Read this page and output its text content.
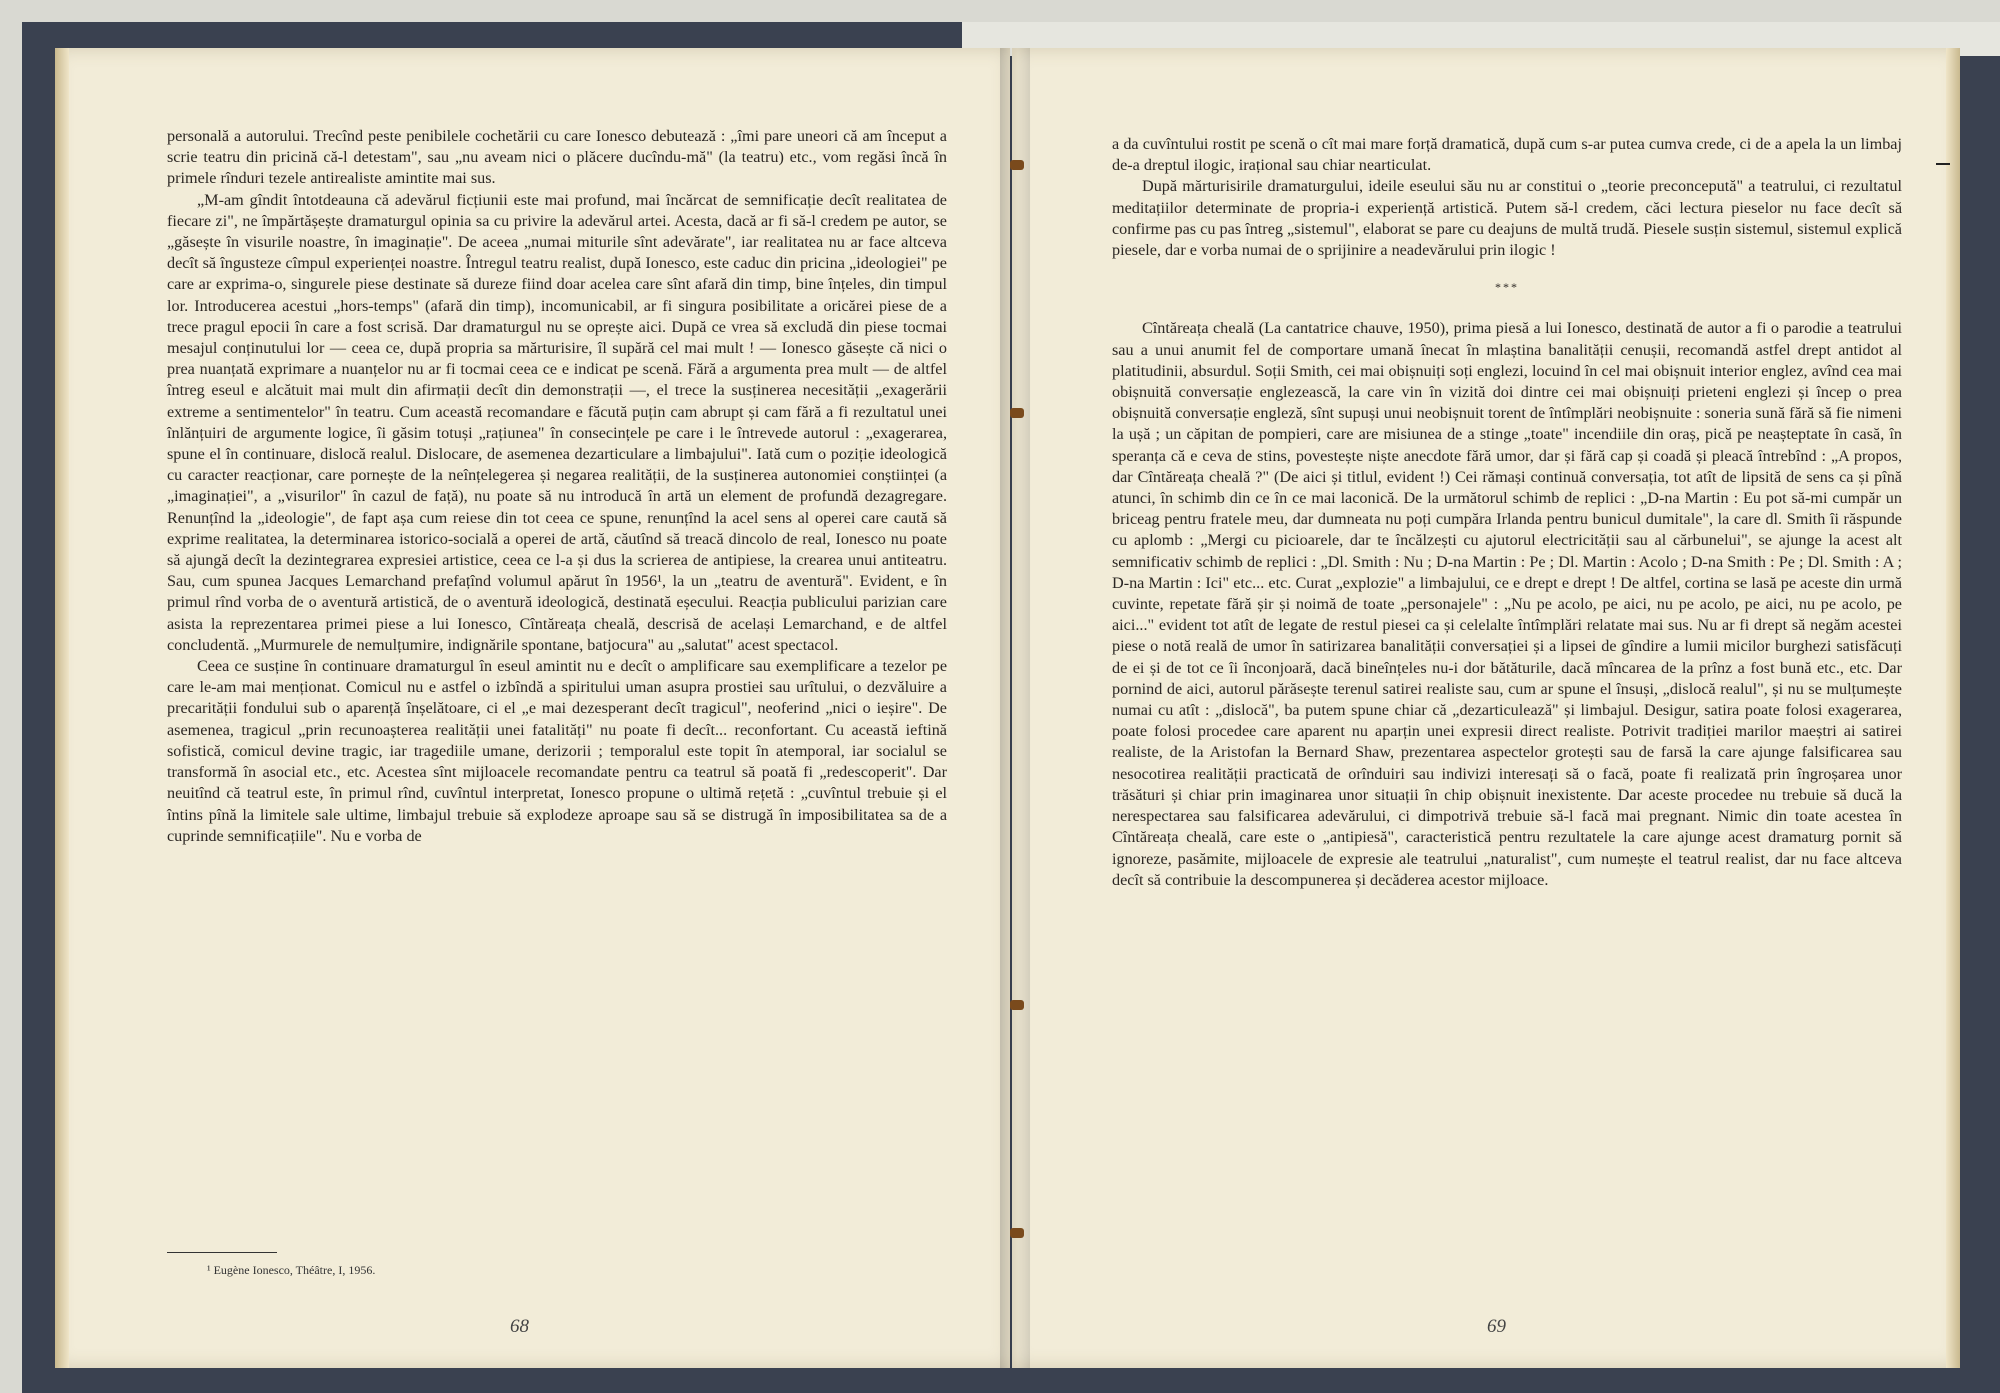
personală a autorului. Trecînd peste penibilele cochetării cu care Ionesco debutează : „îmi pare uneori că am început a scrie teatru din pricină că-l detestam", sau „nu aveam nici o plăcere ducîndu-mă" (la teatru) etc., vom regăsi încă în primele rînduri tezele antirealiste amintite mai sus.

„M-am gîndit întotdeauna că adevărul ficțiunii este mai profund, mai încărcat de semnificație decît realitatea de fiecare zi", ne împărtășește dramaturgul opinia sa cu privire la adevărul artei. Acesta, dacă ar fi să-l credem pe autor, se „găsește în visurile noastre, în imaginație". De aceea „numai miturile sînt adevărate", iar realitatea nu ar face altceva decît să îngusteze cîmpul experienței noastre. Întregul teatru realist, după Ionesco, este caduc din pricina „ideologiei" pe care ar exprima-o, singurele piese destinate să dureze fiind doar acelea care sînt afară din timp, bine înțeles, din timpul lor. Introducerea acestui „hors-temps" (afară din timp), incomunicabil, ar fi singura posibilitate a oricărei piese de a trece pragul epocii în care a fost scrisă. Dar dramaturgul nu se oprește aici. După ce vrea să excludă din piese tocmai mesajul conținutului lor — ceea ce, după propria sa mărturisire, îl supără cel mai mult ! — Ionesco găsește că nici o prea nuanțată exprimare a nuanțelor nu ar fi tocmai ceea ce e indicat pe scenă. Fără a argumenta prea mult — de altfel întreg eseul e alcătuit mai mult din afirmații decît din demonstrații —, el trece la susținerea necesității „exagerării extreme a sentimentelor" în teatru. Cum această recomandare e făcută puțin cam abrupt și cam fără a fi rezultatul unei înlănțuiri de argumente logice, îi găsim totuși „rațiunea" în consecințele pe care i le întrevede autorul : „exagerarea, spune el în continuare, dislocă realul. Dislocare, de asemenea dezarticulare a limbajului". Iată cum o poziție ideologică cu caracter reacționar, care pornește de la neînțelegerea și negarea realității, de la susținerea autonomiei conștiinței (a „imaginației", a „visurilor" în cazul de față), nu poate să nu introducă în artă un element de profundă dezagregare. Renunțînd la „ideologie", de fapt așa cum reiese din tot ceea ce spune, renunțînd la acel sens al operei care caută să exprime realitatea, la determinarea istorico-socială a operei de artă, căutînd să treacă dincolo de real, Ionesco nu poate să ajungă decît la dezintegrarea expresiei artistice, ceea ce l-a și dus la scrierea de antipiese, la crearea unui antiteatru. Sau, cum spunea Jacques Lemarchand prefațînd volumul apărut în 1956¹, la un „teatru de aventură". Evident, e în primul rînd vorba de o aventură artistică, de o aventură ideologică, destinată eșecului. Reacția publicului parizian care asista la reprezentarea primei piese a lui Ionesco, Cîntăreața cheală, descrisă de același Lemarchand, e de altfel concludentă. „Murmurele de nemulțumire, indignările spontane, batjocura" au „salutat" acest spectacol.

Ceea ce susține în continuare dramaturgul în eseul amintit nu e decît o amplificare sau exemplificare a tezelor pe care le-am mai menționat. Comicul nu e astfel o izbîndă a spiritului uman asupra prostiei sau urîtului, o dezvăluire a precarității fondului sub o aparență înșelătoare, ci el „e mai dezesperant decît tragicul", neoferind „nici o ieșire". De asemenea, tragicul „prin recunoașterea realității unei fatalități" nu poate fi decît... reconfortant. Cu această ieftină sofistică, comicul devine tragic, iar tragediile umane, derizorii ; temporalul este topit în atemporal, iar socialul se transformă în asocial etc., etc. Acestea sînt mijloacele recomandate pentru ca teatrul să poată fi „redescoperit". Dar neuitînd că teatrul este, în primul rînd, cuvîntul interpretat, Ionesco propune o ultimă rețetă : „cuvîntul trebuie și el întins pînă la limitele sale ultime, limbajul trebuie să explodeze aproape sau să se distrugă în imposibilitatea sa de a cuprinde semnificațiile". Nu e vorba de

¹ Eugène Ionesco, Théâtre, I, 1956.
68

a da cuvîntului rostit pe scenă o cît mai mare forță dramatică, după cum s-ar putea cumva crede, ci de a apela la un limbaj de-a dreptul ilogic, irațional sau chiar nearticulat.

După mărturisirile dramaturgului, ideile eseului său nu ar constitui o „teorie preconcepută" a teatrului, ci rezultatul meditațiilor determinate de propria-i experiență artistică. Putem să-l credem, căci lectura pieselor nu face decît să confirme pas cu pas întreg „sistemul", elaborat se pare cu deajuns de multă trudă. Piesele susțin sistemul, sistemul explică piesele, dar e vorba numai de o sprijinire a neadevărului prin ilogic !

***

Cîntăreața cheală (La cantatrice chauve, 1950), prima piesă a lui Ionesco, destinată de autor a fi o parodie a teatrului sau a unui anumit fel de comportare umană înecat în mlaștina banalității cenușii, recomandă astfel drept antidot al platitudinii, absurdul. Soții Smith, cei mai obișnuiți soți englezi, locuind în cel mai obișnuit interior englez, avînd cea mai obișnuită conversație englezească, la care vin în vizită doi dintre cei mai obișnuiți prieteni englezi și încep o prea obișnuită conversație engleză, sînt supuși unui neobișnuit torent de întîmplări neobișnuite : soneria sună fără să fie nimeni la ușă ; un căpitan de pompieri, care are misiunea de a stinge „toate" incendiile din oraș, pică pe neașteptate în casă, în speranța că e ceva de stins, povestește niște anecdote fără umor, dar și fără cap și coadă și pleacă întrebînd : „A propos, dar Cîntăreața cheală ?" (De aici și titlul, evident !) Cei rămași continuă conversația, tot atît de lipsită de sens ca și pînă atunci, în schimb din ce în ce mai laconică. De la următorul schimb de replici : „D-na Martin : Eu pot să-mi cumpăr un briceag pentru fratele meu, dar dumneata nu poți cumpăra Irlanda pentru bunicul dumitale", la care dl. Smith îi răspunde cu aplomb : „Mergi cu picioarele, dar te încălzești cu ajutorul electricității sau al cărbunelui", se ajunge la acest alt semnificativ schimb de replici : „Dl. Smith : Nu ; D-na Martin : Pe ; Dl. Martin : Acolo ; D-na Smith : Pe ; Dl. Smith : A ; D-na Martin : Ici" etc... etc. Curat „explozie" a limbajului, ce e drept e drept ! De altfel, cortina se lasă pe aceste din urmă cuvinte, repetate fără șir și noimă de toate „personajele" : „Nu pe acolo, pe aici, nu pe acolo, pe aici, nu pe acolo, pe aici..." evident tot atît de legate de restul piesei ca și celelalte întîmplări relatate mai sus. Nu ar fi drept să negăm acestei piese o notă reală de umor în satirizarea banalității conversației și a lipsei de gîndire a lumii micilor burghezi satisfăcuți de ei și de tot ce îi înconjoară, dacă bineînțeles nu-i dor bătăturile, dacă mîncarea de la prînz a fost bună etc., etc. Dar pornind de aici, autorul părăsește terenul satirei realiste sau, cum ar spune el însuși, „dislocă realul", și nu se mulțumește numai cu atît : „dislocă", ba putem spune chiar că „dezarticulează" și limbajul. Desigur, satira poate folosi exagerarea, poate folosi procedee care aparent nu aparțin unei expresii direct realiste. Potrivit tradiției marilor maeștri ai satirei realiste, de la Aristofan la Bernard Shaw, prezentarea aspectelor grotești sau de farsă la care ajunge falsificarea sau nesocotirea realității practicată de orînduiri sau indivizi interesați să o facă, poate fi realizată prin îngroșarea unor trăsături și chiar prin imaginarea unor situații în chip obișnuit inexistente. Dar aceste procedee nu trebuie să ducă la nerespectarea sau falsificarea adevărului, ci dimpotrivă trebuie să-l facă mai pregnant. Nimic din toate acestea în Cîntăreața cheală, care este o „antipiesă", caracteristică pentru rezultatele la care ajunge acest dramaturg pornit să ignoreze, pasămite, mijloacele de expresie ale teatrului „naturalist", cum numește el teatrul realist, dar nu face altceva decît să contribuie la descompunerea și decăderea acestor mijloace.

69
